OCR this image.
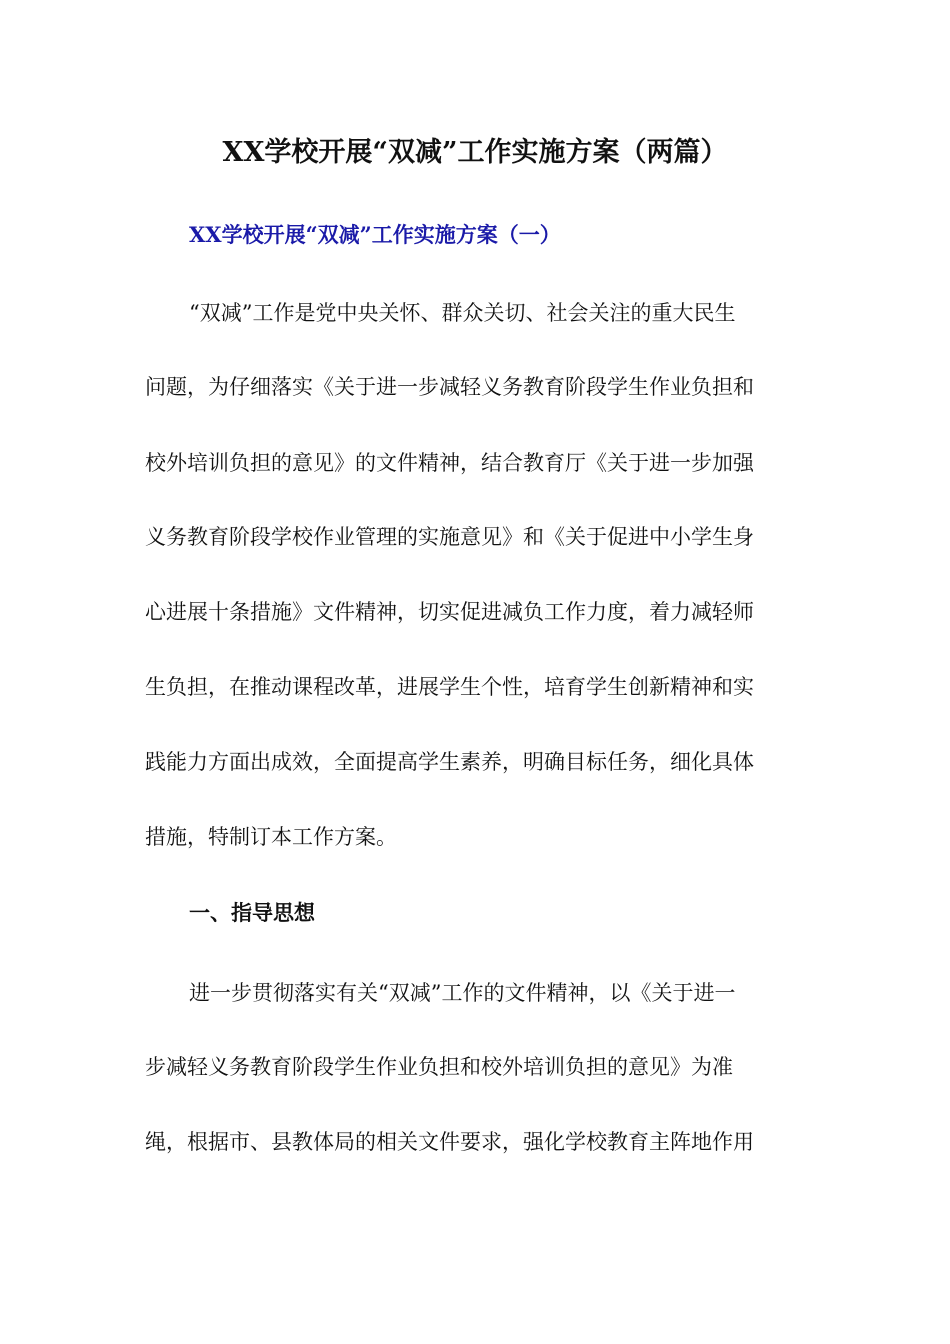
XX学校开展“双减”工作实施方案（两篇）
XX学校开展“双减”工作实施方案（一）
“双减”工作是党中央关怀、群众关切、社会关注的重大民生
问题，为仔细落实《关于进一步减轻义务教育阶段学生作业负担和
校外培训负担的意见》的文件精神，结合教育厅《关于进一步加强
义务教育阶段学校作业管理的实施意见》和《关于促进中小学生身
心进展十条措施》文件精神，切实促进减负工作力度，着力减轻师
生负担，在推动课程改革，进展学生个性，培育学生创新精神和实
践能力方面出成效，全面提高学生素养，明确目标任务，细化具体
措施，特制订本工作方案。
一、指导思想
进一步贯彻落实有关“双减”工作的文件精神，以《关于进一
步减轻义务教育阶段学生作业负担和校外培训负担的意见》为准
绳，根据市、县教体局的相关文件要求，强化学校教育主阵地作用
